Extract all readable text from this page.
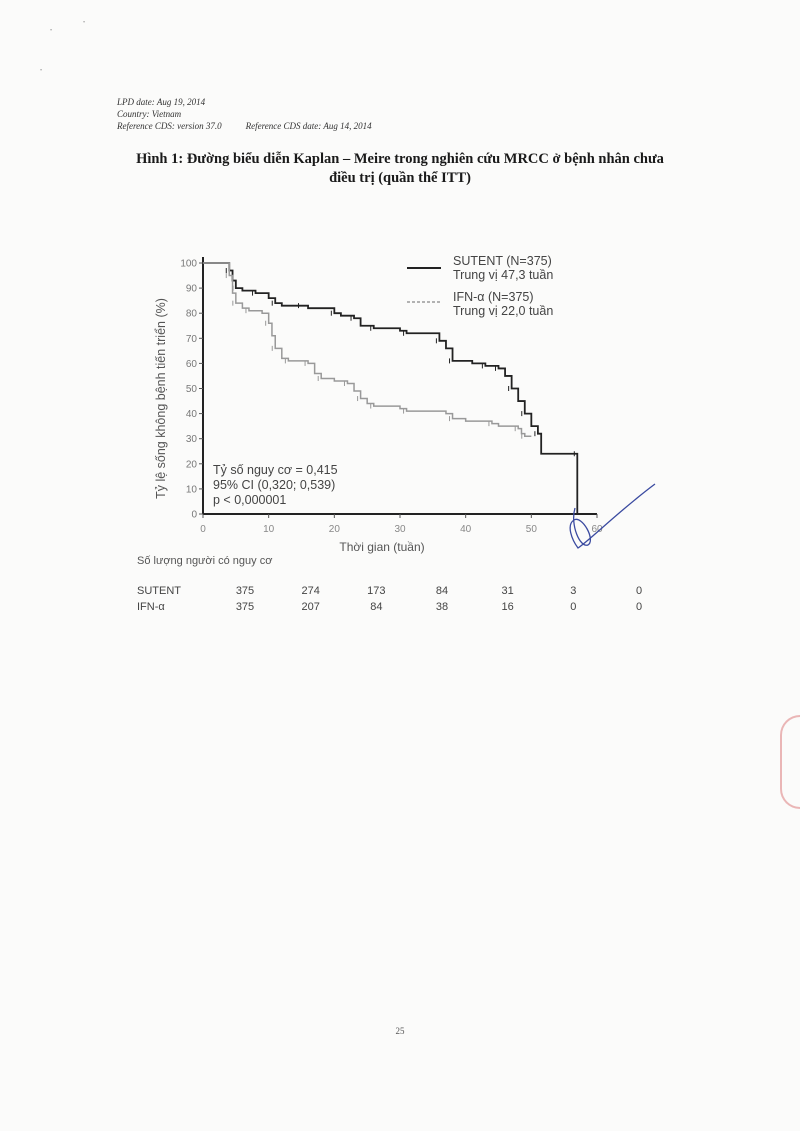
LPD date: Aug 19, 2014
Country: Vietnam
Reference CDS: version 37.0	Reference CDS date: Aug 14, 2014
Hình 1: Đường biểu diễn Kaplan – Meire trong nghiên cứu MRCC ở bệnh nhân chưa
điều trị (quần thể ITT)
0
10
20
30
40
50
60
70
80
90
100
0	10	20	30	40	50	60
Thời gian (tuần)
Tỷ lệ sống không bệnh tiến triển (%)
SUTENT (N=375)
Trung vị 47,3 tuần
IFN-α (N=375)
Trung vị 22,0 tuần
Tỷ số nguy cơ = 0,415
95% CI (0,320; 0,539)
p < 0,000001
Số lượng người có nguy cơ
SUTENT	375	274	173	84	31	3	0
IFN-α	375	207	84	38	16	0	0
25
•
•
•
